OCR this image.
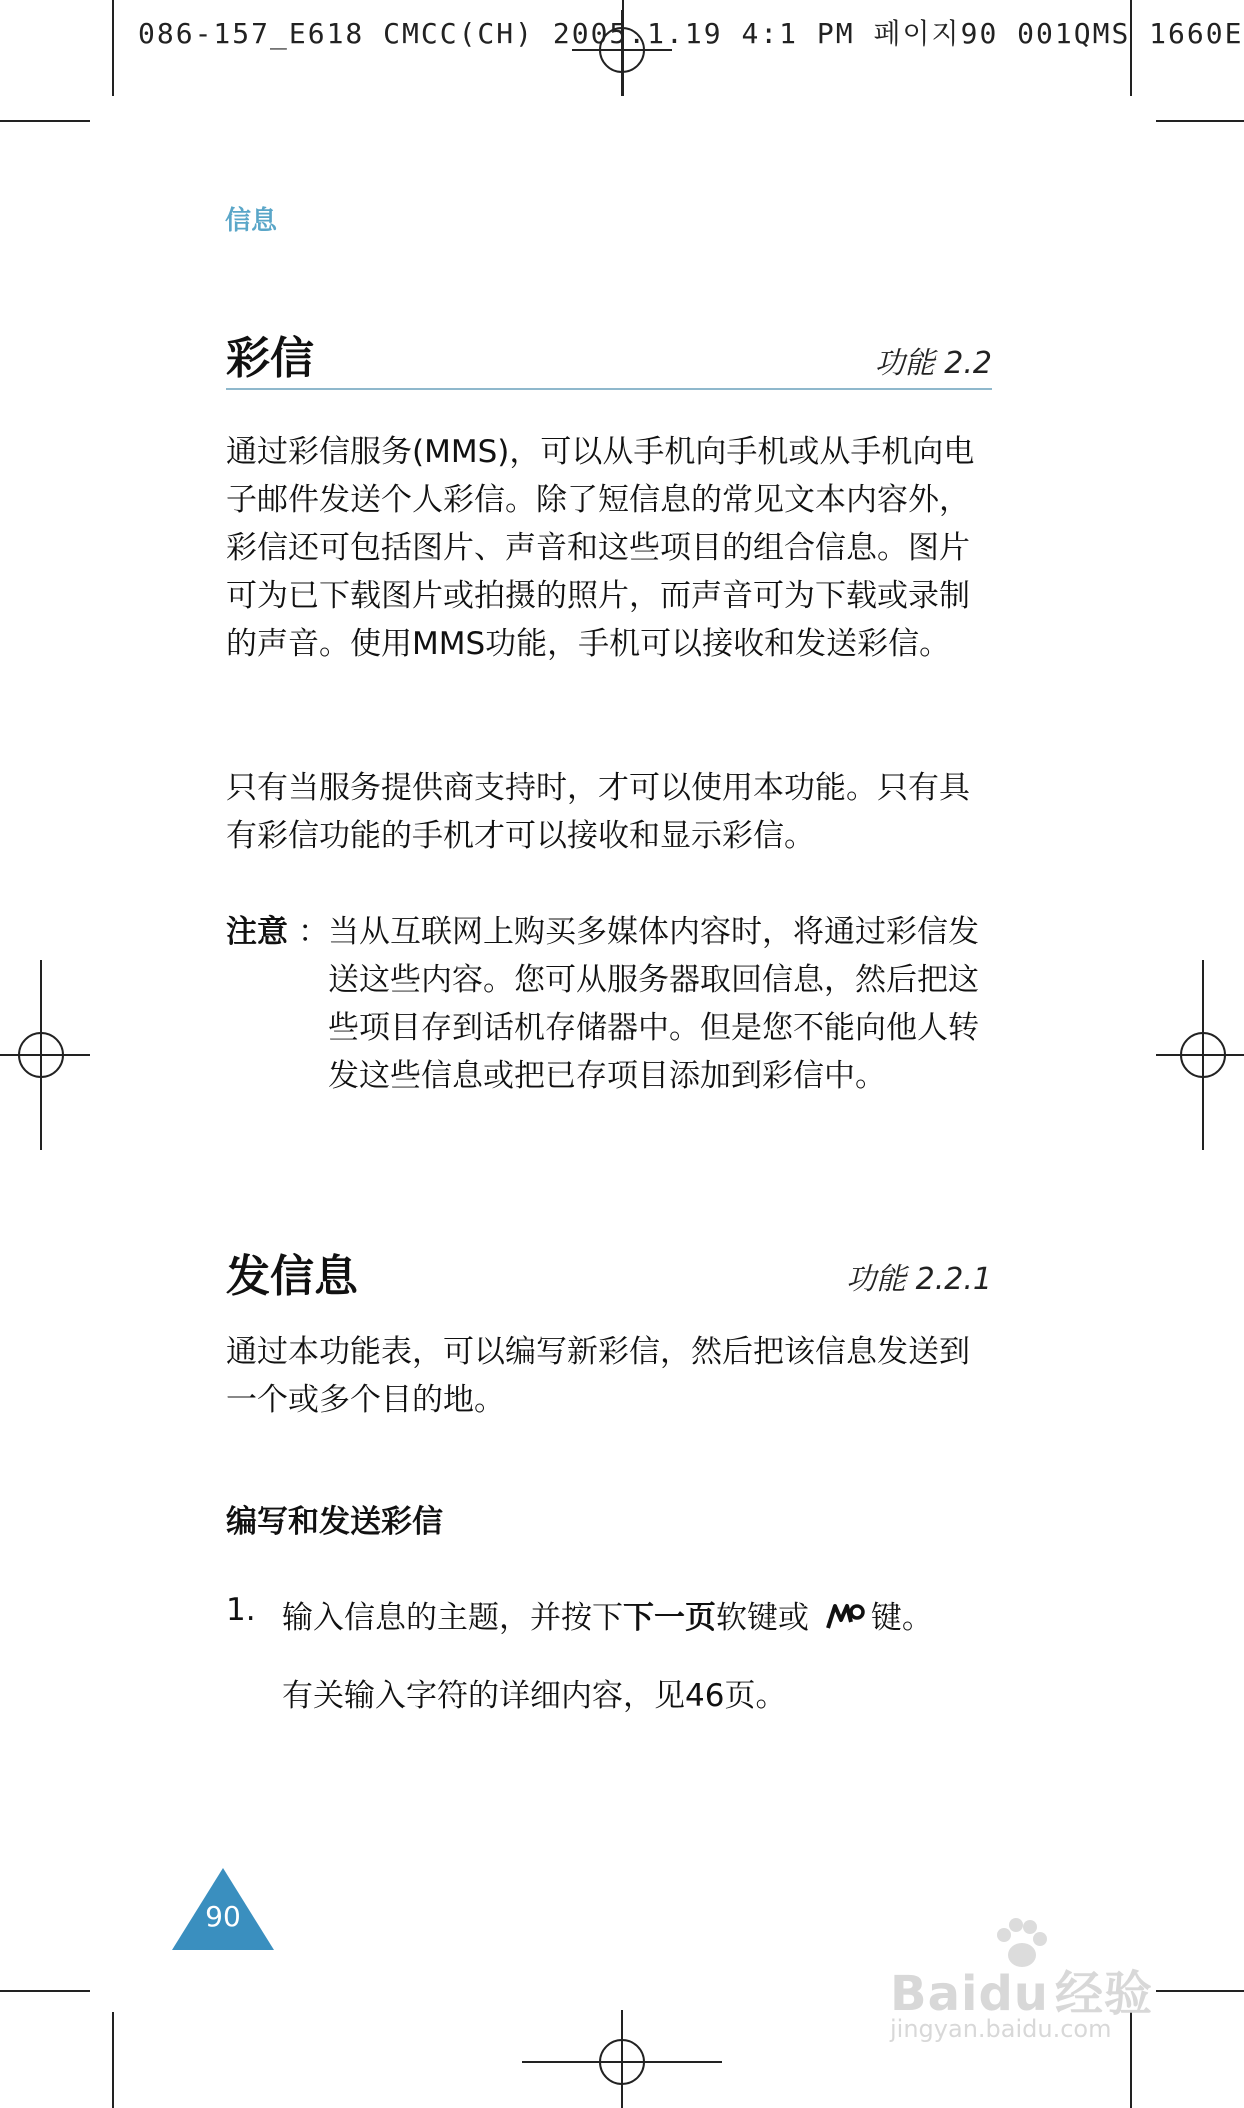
086-157_E618 CMCC(CH) 2005.1.19 4:1 PM 페이지90 001QMS 1660E
信息
彩信	功能 2.2
通过彩信服务(MMS)，可以从手机向手机或从手机向电子邮件发送个人彩信。除了短信息的常见文本内容外，彩信还可包括图片、声音和这些项目的组合信息。图片可为已下载图片或拍摄的照片，而声音可为下载或录制的声音。使用MMS功能，手机可以接收和发送彩信。
只有当服务提供商支持时，才可以使用本功能。只有具有彩信功能的手机才可以接收和显示彩信。
注意 ： 当从互联网上购买多媒体内容时，将通过彩信发送这些内容。您可从服务器取回信息，然后把这些项目存到话机存储器中。但是您不能向他人转发这些信息或把已存项目添加到彩信中。
发信息	功能 2.2.1
通过本功能表，可以编写新彩信，然后把该信息发送到一个或多个目的地。
编写和发送彩信
1. 输入信息的主题，并按下下一页软键或 键。
有关输入字符的详细内容，见46页。
90
Baidu 经验
jingyan.baidu.com
